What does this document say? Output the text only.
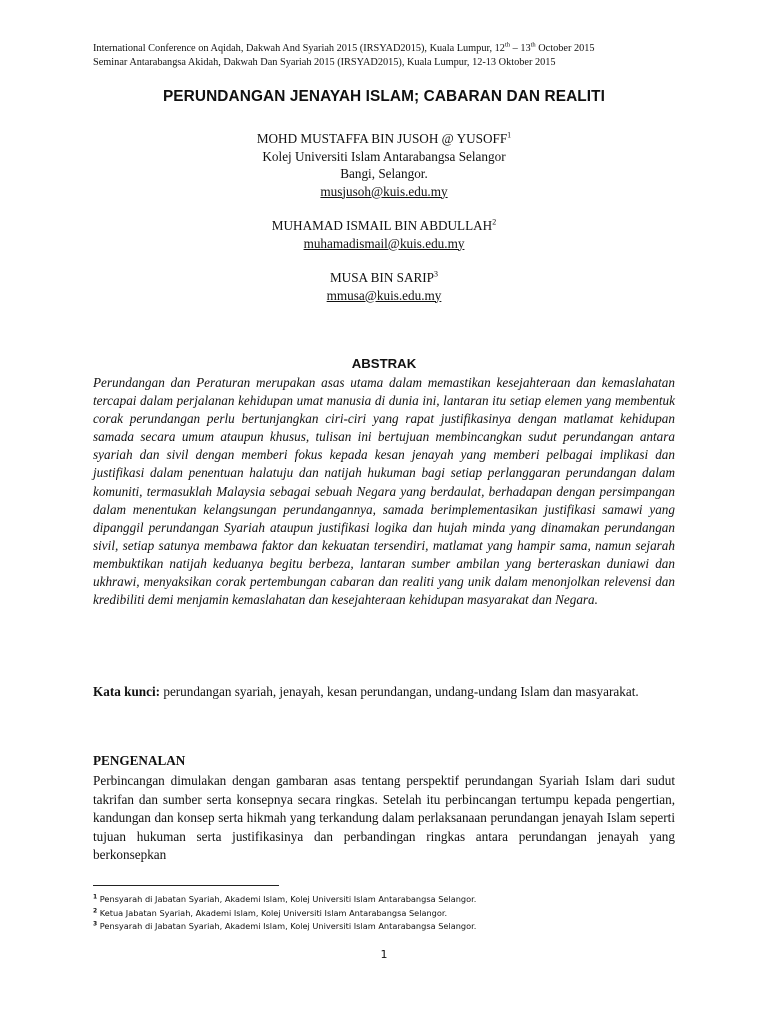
International Conference on Aqidah, Dakwah And Syariah 2015 (IRSYAD2015), Kuala Lumpur, 12th – 13th October 2015
Seminar Antarabangsa Akidah, Dakwah Dan Syariah 2015 (IRSYAD2015), Kuala Lumpur, 12-13 Oktober 2015
PERUNDANGAN JENAYAH ISLAM; CABARAN DAN REALITI
MOHD MUSTAFFA BIN JUSOH @ YUSOFF$^1$
Kolej Universiti Islam Antarabangsa Selangor
Bangi, Selangor.
musjusoh@kuis.edu.my
MUHAMAD ISMAIL BIN ABDULLAH$^2$
muhamadismail@kuis.edu.my
MUSA BIN SARIP$^3$
mmusa@kuis.edu.my
ABSTRAK

Perundangan dan Peraturan merupakan asas utama dalam memastikan kesejahteraan dan kemaslahatan tercapai dalam perjalanan kehidupan umat manusia di dunia ini, lantaran itu setiap elemen yang membentuk corak perundangan perlu bertunjangkan ciri-ciri yang rapat justifikasinya dengan matlamat kehidupan samada secara umum ataupun khusus, tulisan ini bertujuan membincangkan sudut perundangan antara syariah dan sivil dengan memberi fokus kepada kesan jenayah yang memberi pelbagai implikasi dan justifikasi dalam penentuan halatuju dan natijah hukuman bagi setiap perlanggaran perundangan dalam komuniti, termasuklah Malaysia sebagai sebuah Negara yang berdaulat, berhadapan dengan persimpangan dalam menentukan kelangsungan perundangannya, samada berimplementasikan justifikasi samawi yang dipanggil perundangan Syariah ataupun justifikasi logika dan hujah minda yang dinamakan perundangan sivil, setiap satunya membawa faktor dan kekuatan tersendiri, matlamat yang hampir sama, namun sejarah membuktikan natijah keduanya begitu berbeza, lantaran sumber ambilan yang berteraskan duniawi dan ukhrawi, menyaksikan corak pertembungan cabaran dan realiti yang unik dalam menonjolkan relevensi dan kredibiliti demi menjamin kemaslahatan dan kesejahteraan kehidupan masyarakat dan Negara.

Kata kunci: perundangan syariah, jenayah, kesan perundangan, undang-undang Islam dan masyarakat.

PENGENALAN

Perbincangan dimulakan dengan gambaran asas tentang perspektif perundangan Syariah Islam dari sudut takrifan dan sumber serta konsepnya secara ringkas. Setelah itu perbincangan tertumpu kepada pengertian, kandungan dan konsep serta hikmah yang terkandung dalam perlaksanaan perundangan jenayah Islam seperti tujuan hukuman serta justifikasinya dan perbandingan ringkas antara perundangan jenayah yang berkonsepkan

$^1$ Pensyarah di Jabatan Syariah, Akademi Islam, Kolej Universiti Islam Antarabangsa Selangor.
$^2$ Ketua Jabatan Syariah, Akademi Islam, Kolej Universiti Islam Antarabangsa Selangor.
$^3$ Pensyarah di Jabatan Syariah, Akademi Islam, Kolej Universiti Islam Antarabangsa Selangor.
1
